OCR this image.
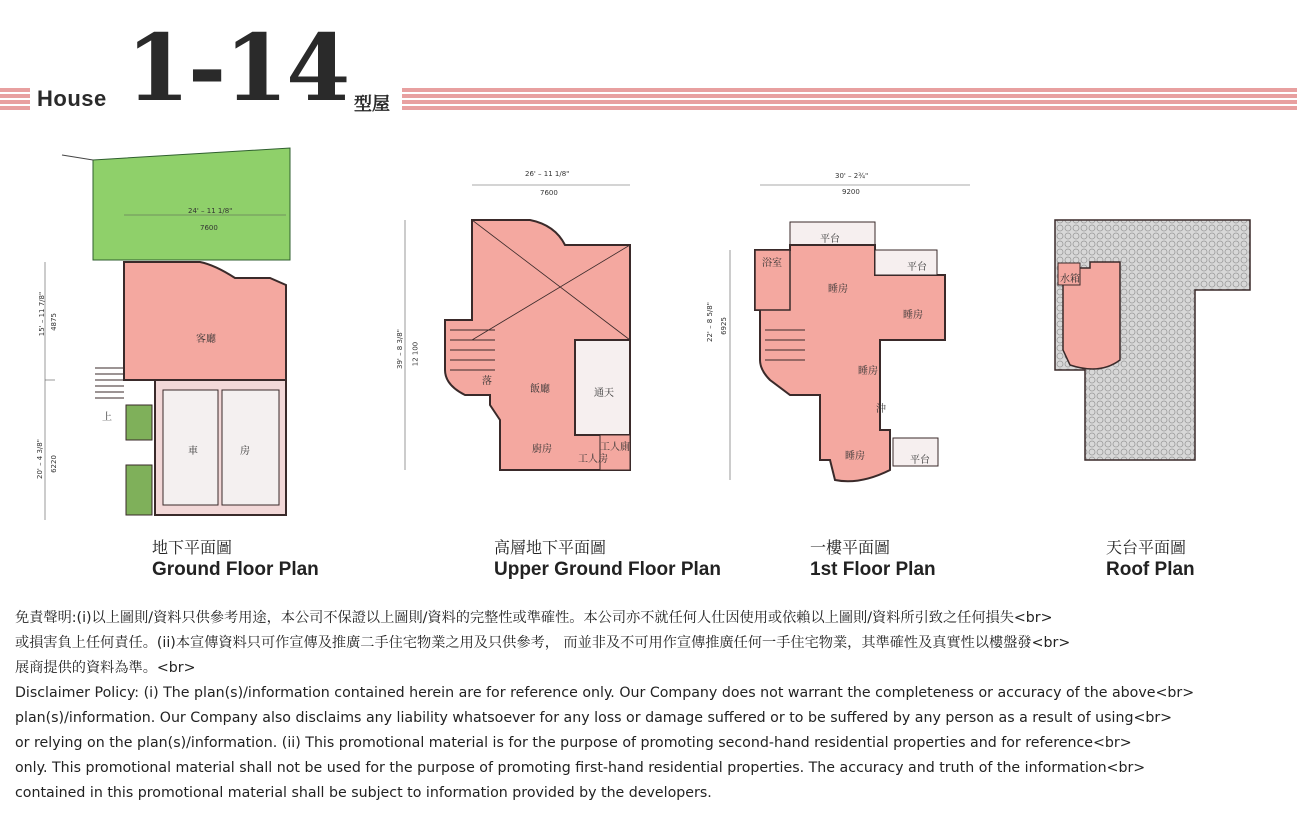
House 1-14 型屋
客廳
車	房
上
飯廳	通天
廚房
工人房
工人廁
落
浴室
平台
平台
平台
睡房
睡房
睡房
睡房
沖
水箱
24' – 11 1/8"
7600
26' – 11 1/8"
7600
30' – 2¾"
9200
15' – 11 7/8" 4875
20' – 4 3/8" 6220
39' – 8 3/8" 12 100
22' – 8 5/8" 6925
地下平面圖
Ground Floor Plan
高層地下平面圖
Upper Ground Floor Plan
一樓平面圖
1st Floor Plan
天台平面圖
Roof Plan
免責聲明:(i)以上圖則/資料只供參考用途，本公司不保證以上圖則/資料的完整性或準確性。本公司亦不就任何人仕因使用或依賴以上圖則/資料所引致之任何損失<br>
或損害負上任何責任。(ii)本宣傳資料只可作宣傳及推廣二手住宅物業之用及只供參考， 而並非及不可用作宣傳推廣任何一手住宅物業，其準確性及真實性以樓盤發<br>
展商提供的資料為準。<br>
Disclaimer Policy: (i) The plan(s)/information contained herein are for reference only. Our Company does not warrant the completeness or accuracy of the above<br>
plan(s)/information. Our Company also disclaims any liability whatsoever for any loss or damage suffered or to be suffered by any person as a result of using<br>
or relying on the plan(s)/information. (ii) This promotional material is for the purpose of promoting second-hand residential properties and for reference<br>
only. This promotional material shall not be used for the purpose of promoting first-hand residential properties. The accuracy and truth of the information<br>
contained in this promotional material shall be subject to information provided by the developers.
